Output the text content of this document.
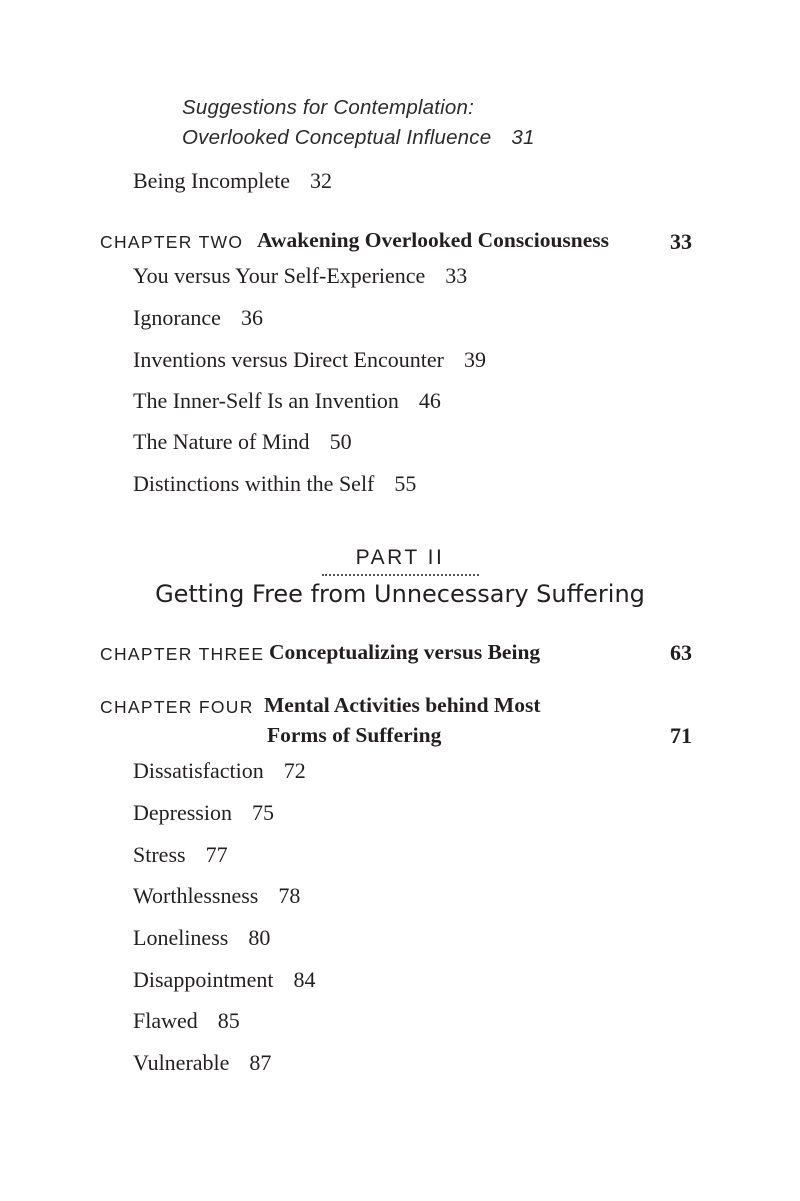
Suggestions for Contemplation:
Overlooked Conceptual Influence 31
Being Incomplete 32
CHAPTER TWO Awakening Overlooked Consciousness	33
You versus Your Self-Experience 33
Ignorance 36
Inventions versus Direct Encounter 39
The Inner-Self Is an Invention 46
The Nature of Mind 50
Distinctions within the Self 55
PART II
Getting Free from Unnecessary Suffering
CHAPTER THREE Conceptualizing versus Being	63
CHAPTER FOUR Mental Activities behind Most
Forms of Suffering	71
Dissatisfaction 72
Depression 75
Stress 77
Worthlessness 78
Loneliness 80
Disappointment 84
Flawed 85
Vulnerable 87
